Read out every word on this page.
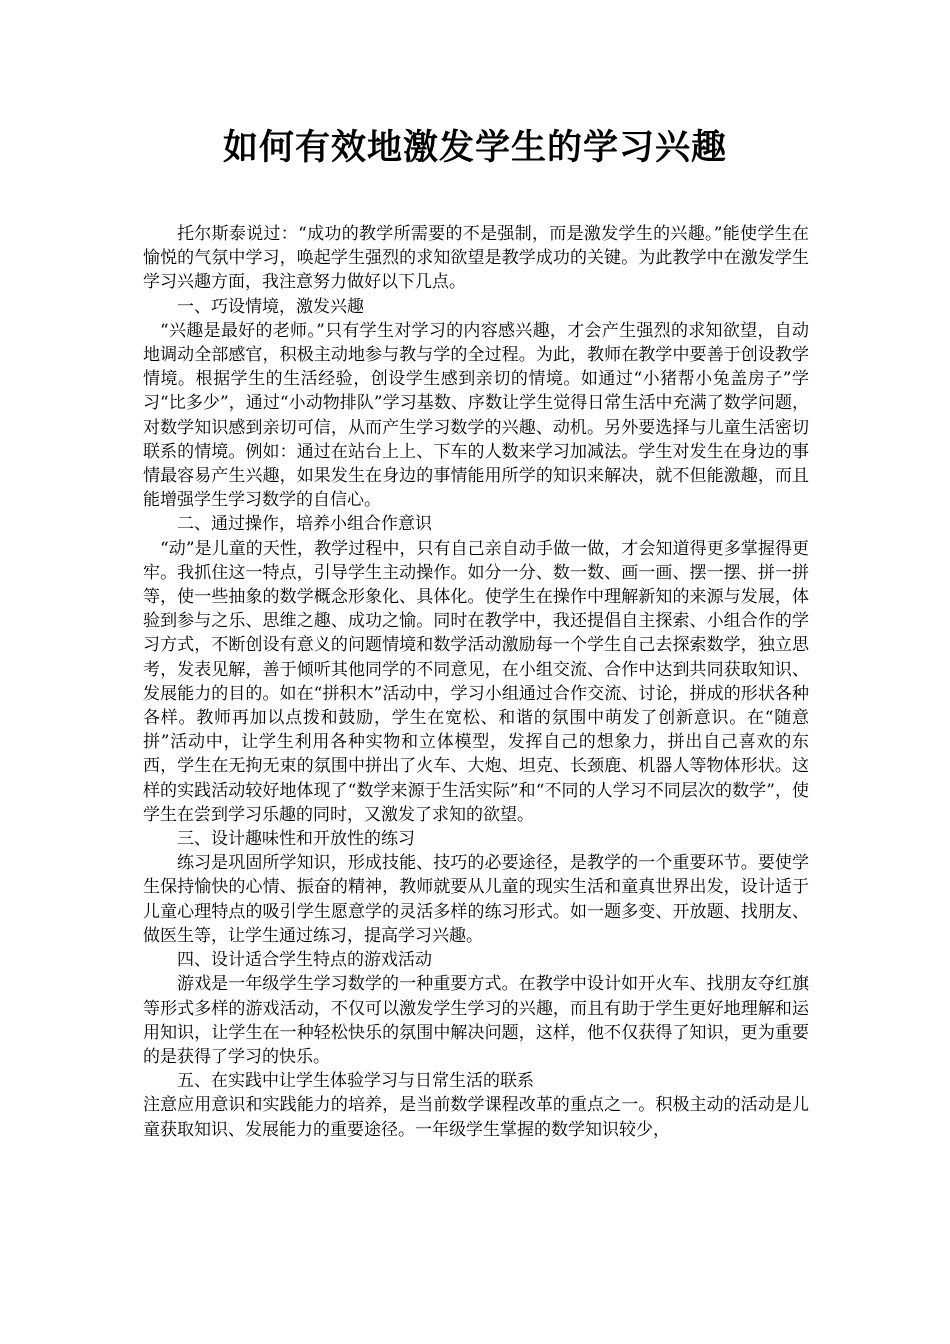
如何有效地激发学生的学习兴趣

托尔斯泰说过：“成功的教学所需要的不是强制，而是激发学生的兴趣。”能使学生在愉悦的气氛中学习，唤起学生强烈的求知欲望是教学成功的关键。为此教学中在激发学生学习兴趣方面，我注意努力做好以下几点。

一、巧设情境，激发兴趣

“兴趣是最好的老师。”只有学生对学习的内容感兴趣，才会产生强烈的求知欲望，自动地调动全部感官，积极主动地参与教与学的全过程。为此，教师在教学中要善于创设教学情境。根据学生的生活经验，创设学生感到亲切的情境。如通过“小猪帮小兔盖房子”学习“比多少”，通过“小动物排队”学习基数、序数让学生觉得日常生活中充满了数学问题，对数学知识感到亲切可信，从而产生学习数学的兴趣、动机。另外要选择与儿童生活密切联系的情境。例如：通过在站台上上、下车的人数来学习加减法。学生对发生在身边的事情最容易产生兴趣，如果发生在身边的事情能用所学的知识来解决，就不但能激趣，而且能增强学生学习数学的自信心。

二、通过操作，培养小组合作意识

“动”是儿童的天性，教学过程中，只有自己亲自动手做一做，才会知道得更多掌握得更牢。我抓住这一特点，引导学生主动操作。如分一分、数一数、画一画、摆一摆、拼一拼等，使一些抽象的数学概念形象化、具体化。使学生在操作中理解新知的来源与发展，体验到参与之乐、思维之趣、成功之愉。同时在教学中，我还提倡自主探索、小组合作的学习方式，不断创设有意义的问题情境和数学活动激励每一个学生自己去探索数学，独立思考，发表见解，善于倾听其他同学的不同意见，在小组交流、合作中达到共同获取知识、发展能力的目的。如在“拼积木”活动中，学习小组通过合作交流、讨论，拼成的形状各种各样。教师再加以点拨和鼓励，学生在宽松、和谐的氛围中萌发了创新意识。在“随意拼”活动中，让学生利用各种实物和立体模型，发挥自己的想象力，拼出自己喜欢的东西，学生在无拘无束的氛围中拼出了火车、大炮、坦克、长颈鹿、机器人等物体形状。这样的实践活动较好地体现了“数学来源于生活实际”和“不同的人学习不同层次的数学”，使学生在尝到学习乐趣的同时，又激发了求知的欲望。

三、设计趣味性和开放性的练习

练习是巩固所学知识，形成技能、技巧的必要途径，是教学的一个重要环节。要使学生保持愉快的心情、振奋的精神，教师就要从儿童的现实生活和童真世界出发，设计适于儿童心理特点的吸引学生愿意学的灵活多样的练习形式。如一题多变、开放题、找朋友、做医生等，让学生通过练习，提高学习兴趣。

四、设计适合学生特点的游戏活动

游戏是一年级学生学习数学的一种重要方式。在教学中设计如开火车、找朋友夺红旗等形式多样的游戏活动，不仅可以激发学生学习的兴趣，而且有助于学生更好地理解和运用知识，让学生在一种轻松快乐的氛围中解决问题，这样，他不仅获得了知识，更为重要的是获得了学习的快乐。

五、在实践中让学生体验学习与日常生活的联系

注意应用意识和实践能力的培养，是当前数学课程改革的重点之一。积极主动的活动是儿童获取知识、发展能力的重要途径。一年级学生掌握的数学知识较少，
